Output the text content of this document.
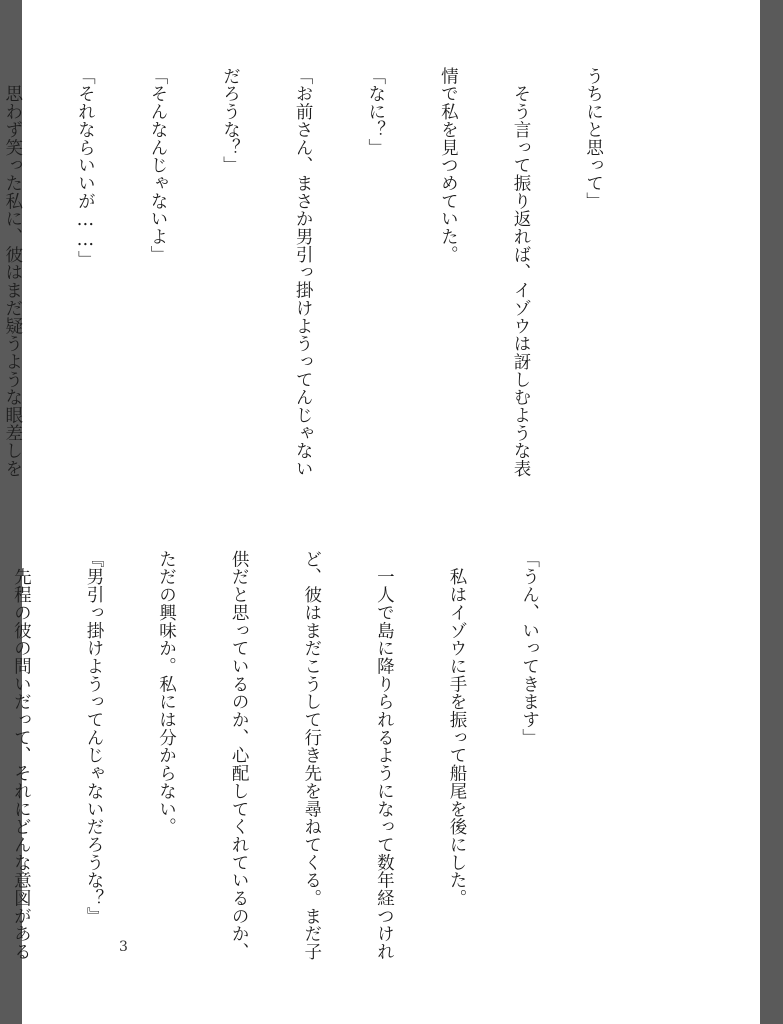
うちにと思って」

　そう言って振り返れば、イゾウは訝しむような表

情で私を見つめていた。

「なに？」

「お前さん、まさか男引っ掛けようってんじゃない

だろうな？」

「そんなんじゃないよ」

「それならいいが……」

　思わず笑った私に、彼はまだ疑うような眼差しを

「うん、いってきます」

　私はイゾウに手を振って船尾を後にした。

　一人で島に降りられるようになって数年経つけれ

ど、彼はまだこうして行き先を尋ねてくる。まだ子

供だと思っているのか、心配してくれているのか、

ただの興味か。私には分からない。

『男引っ掛けようってんじゃないだろうな？』

　先程の彼の問いだって、それにどんな意図がある

	3
